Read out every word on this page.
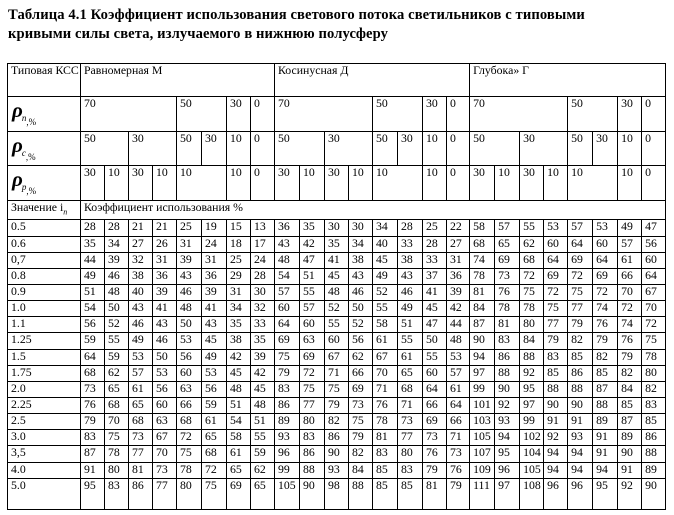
Таблица 4.1 Коэффициент использования светового потока светильников с типовыми
кривыми силы света, излучаемого в нижнюю полусферу
Типовая КСС	Равномерная М								Косинусная Д								Глубока» Г							
$\rho_{п,\%}$	70				50		30	0	70				50		30	0	70				50		30	0
$\rho_{с,\%}$	50		30		50	30	10	0	50		30		50	30	10	0	50		30		50	30	10	0
$\rho_{р,\%}$	30	10	30	10	10		10	0	30	10	30	10	10		10	0	30	10	30	10	10		10	0
Значение $i_п$	Коэффициент использования %																							
0.5	28	28	21	21	25	19	15	13	36	35	30	30	34	28	25	22	58	57	55	53	57	53	49	47
0.6	35	34	27	26	31	24	18	17	43	42	35	34	40	33	28	27	68	65	62	60	64	60	57	56
0,7	44	39	32	31	39	31	25	24	48	47	41	38	45	38	33	31	74	69	68	64	69	64	61	60
0.8	49	46	38	36	43	36	29	28	54	51	45	43	49	43	37	36	78	73	72	69	72	69	66	64
0.9	51	48	40	39	46	39	31	30	57	55	48	46	52	46	41	39	81	76	75	72	75	72	70	67
1.0	54	50	43	41	48	41	34	32	60	57	52	50	55	49	45	42	84	78	78	75	77	74	72	70
1.1	56	52	46	43	50	43	35	33	64	60	55	52	58	51	47	44	87	81	80	77	79	76	74	72
1.25	59	55	49	46	53	45	38	35	69	63	60	56	61	55	50	48	90	83	84	79	82	79	76	75
1.5	64	59	53	50	56	49	42	39	75	69	67	62	67	61	55	53	94	86	88	83	85	82	79	78
1.75	68	62	57	53	60	53	45	42	79	72	71	66	70	65	60	57	97	88	92	85	86	85	82	80
2.0	73	65	61	56	63	56	48	45	83	75	75	69	71	68	64	61	99	90	95	88	88	87	84	82
2.25	76	68	65	60	66	59	51	48	86	77	79	73	76	71	66	64	101	92	97	90	90	88	85	83
2.5	79	70	68	63	68	61	54	51	89	80	82	75	78	73	69	66	103	93	99	91	91	89	87	85
3.0	83	75	73	67	72	65	58	55	93	83	86	79	81	77	73	71	105	94	102	92	93	91	89	86
3,5	87	78	77	70	75	68	61	59	96	86	90	82	83	80	76	73	107	95	104	94	94	91	90	88
4.0	91	80	81	73	78	72	65	62	99	88	93	84	85	83	79	76	109	96	105	94	94	94	91	89
5.0	95	83	86	77	80	75	69	65	105	90	98	88	85	85	81	79	111	97	108	96	96	95	92	90
